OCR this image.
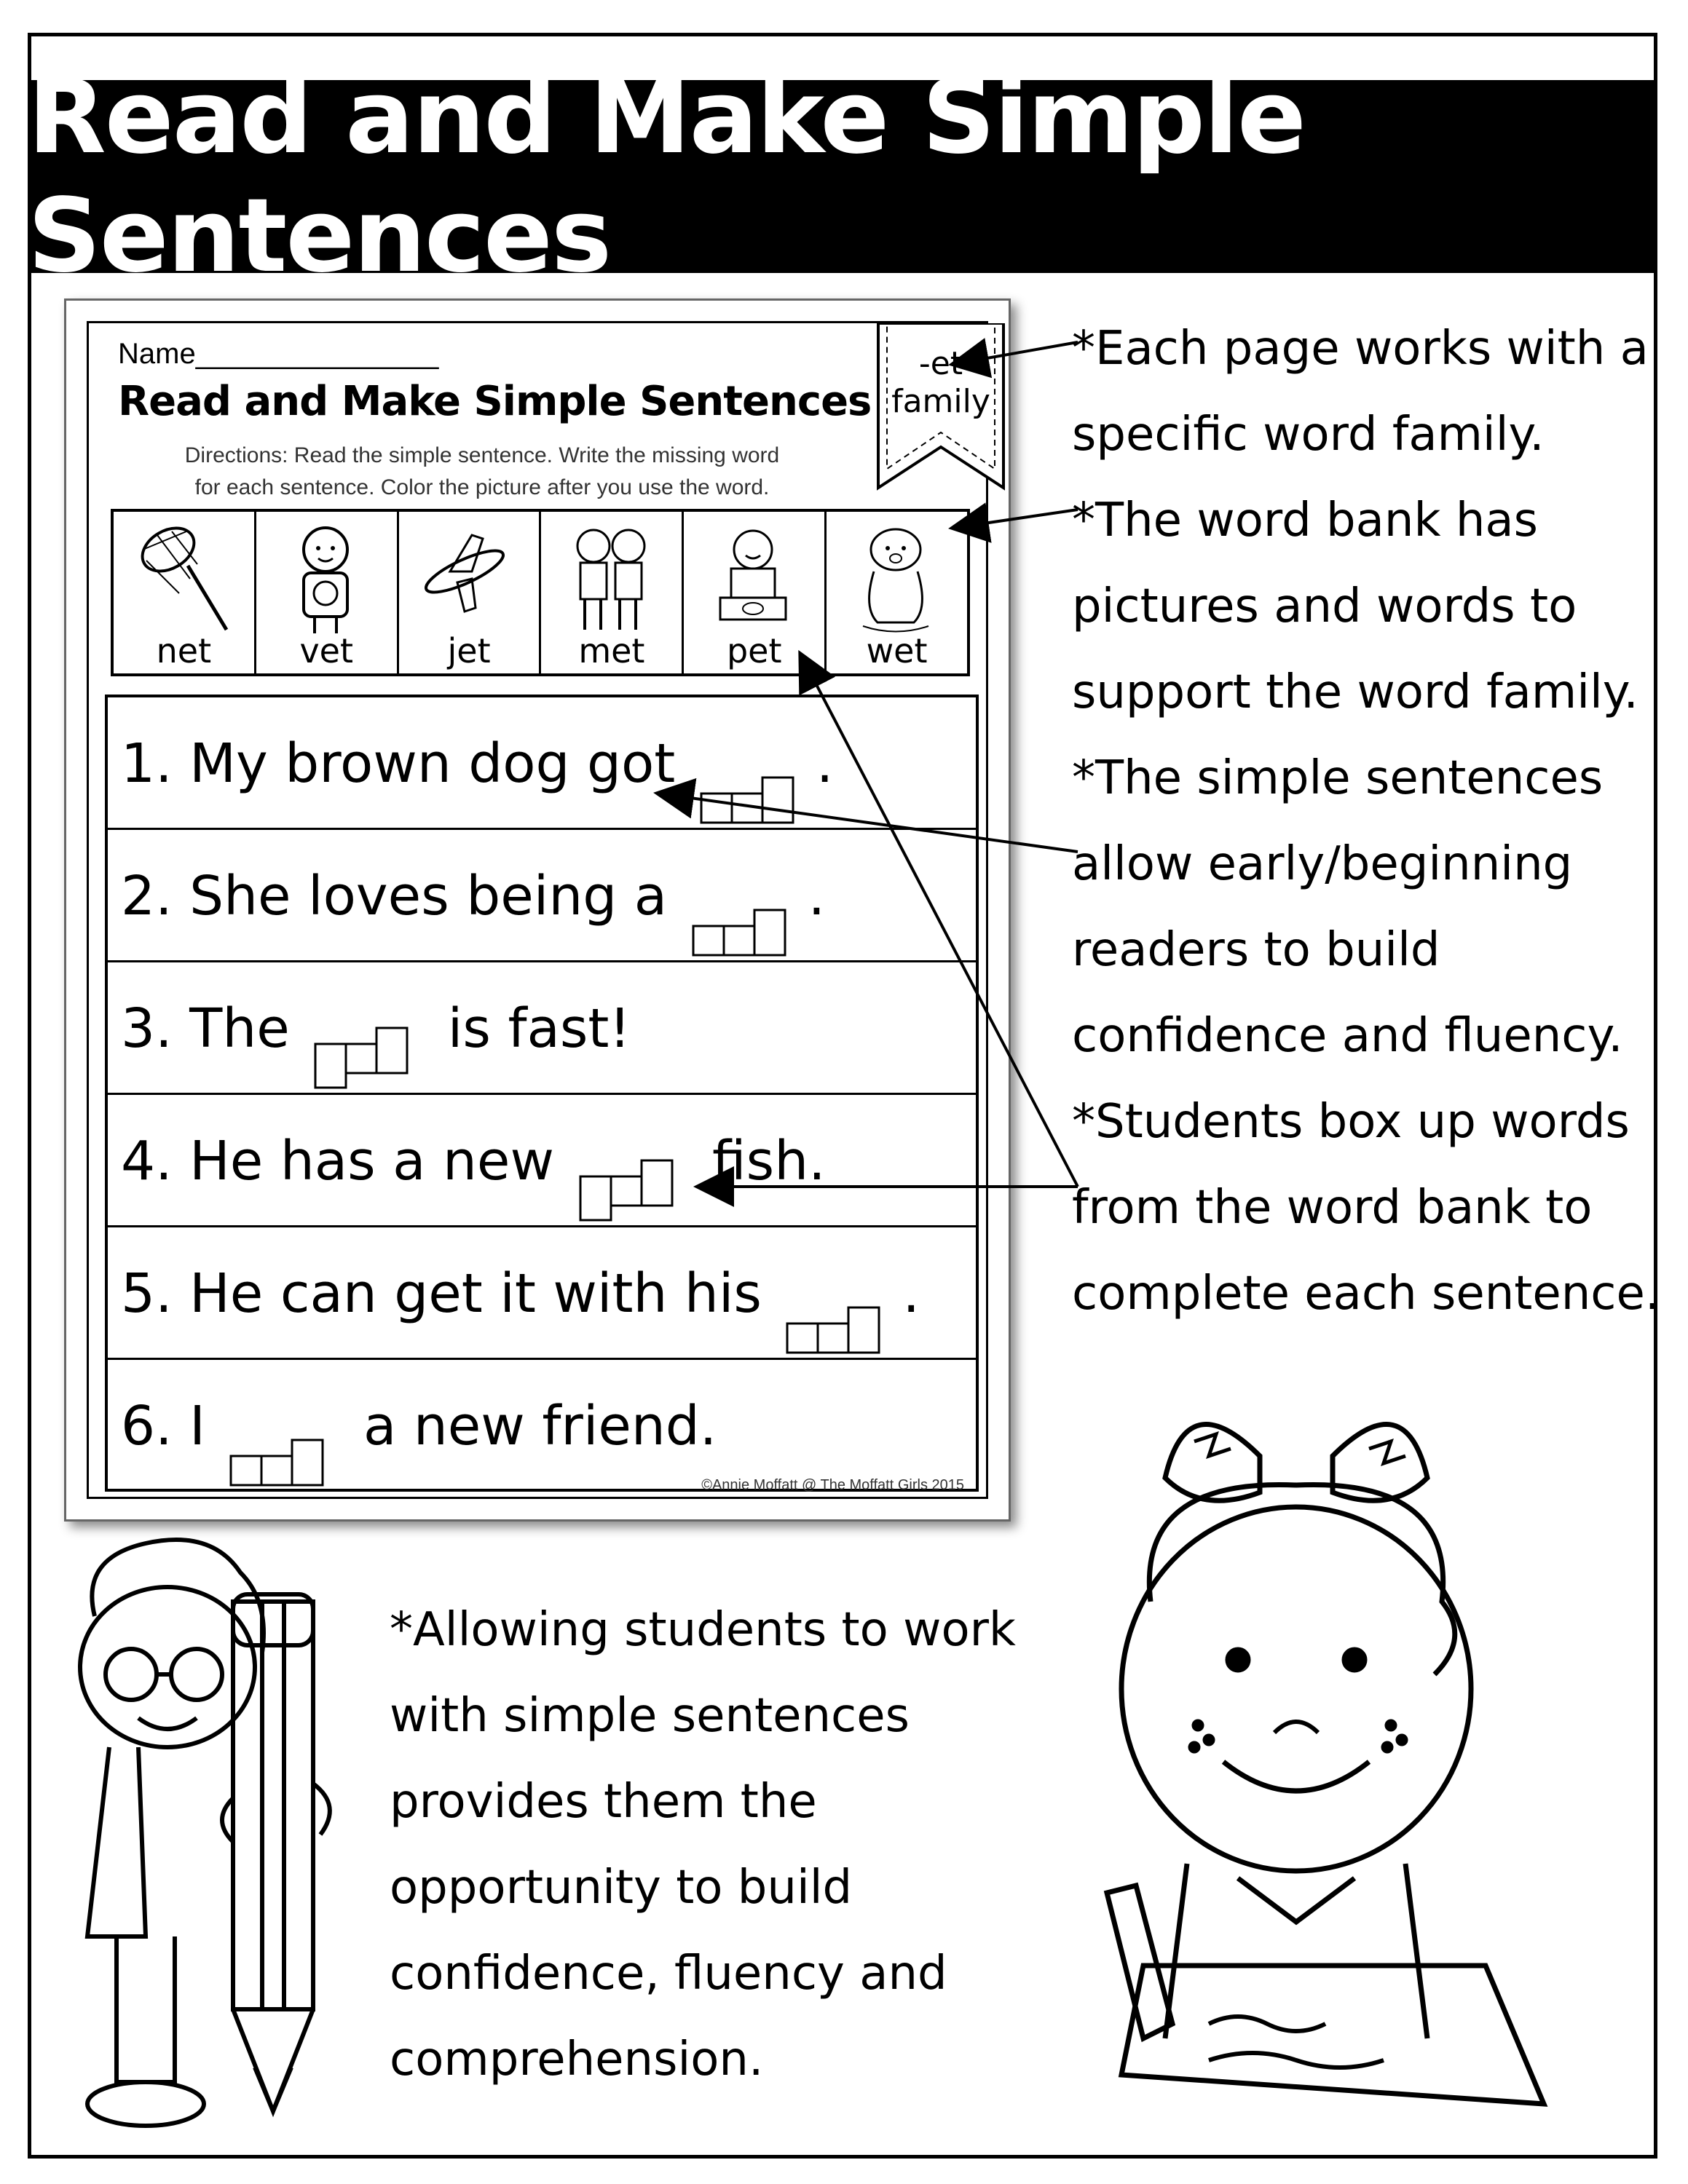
Read and Make Simple Sentences
Name_______________
Read and Make Simple Sentences
Directions: Read the simple sentence. Write the missing word
for each sentence. Color the picture after you use the word.
-et
family
net	vet	jet	met	pet	wet
1. My brown dog got .
2. She loves being a .
3. The  is fast!
4. He has a new  fish.
5. He can get it with his .
6. I  a new friend.
©Annie Moffatt @ The Moffatt Girls 2015

*Each page works with a specific word family.

*The word bank has pictures and words to support the word family.

*The simple sentences allow early/beginning readers to build confidence and fluency.

*Students box up words from the word bank to complete each sentence.

*Allowing students to work with simple sentences provides them the opportunity to build confidence, fluency and comprehension.
